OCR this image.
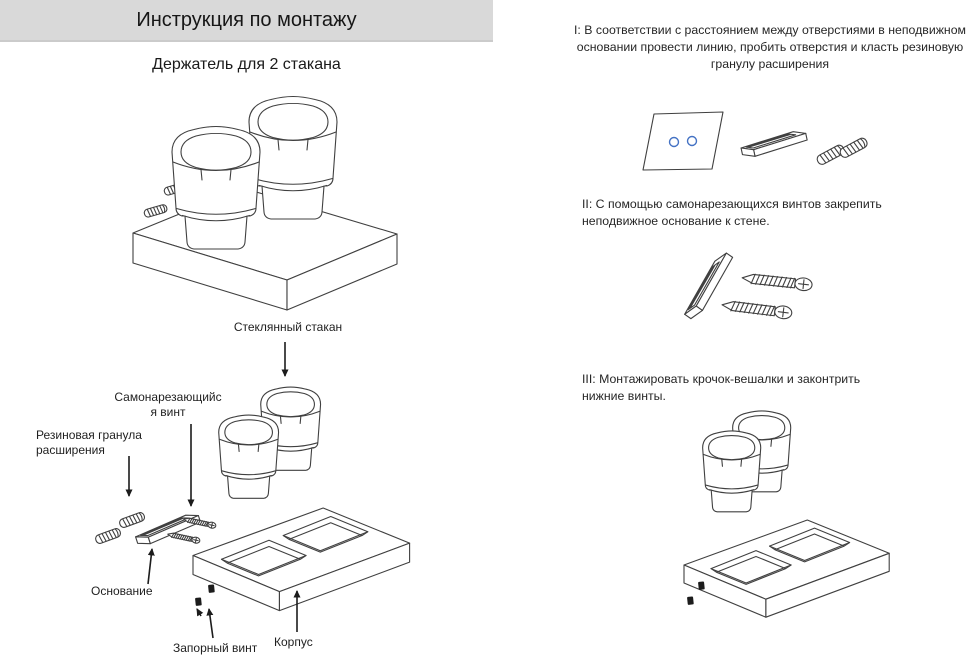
Инструкция по монтажу
Держатель для 2 стакана
Стеклянный стакан
Самонарезающийс
я винт
Резиновая гранула расширения
Основание
Запорный винт	Корпус
I: В соответствии с расстоянием между отверстиями в неподвижном основании провести линию, пробить отверстия и класть резиновую гранулу расширения
II: С помощью самонарезающихся винтов закрепить неподвижное основание к стене.
III: Монтажировать крочок-вешалки и законтрить нижние винты.
